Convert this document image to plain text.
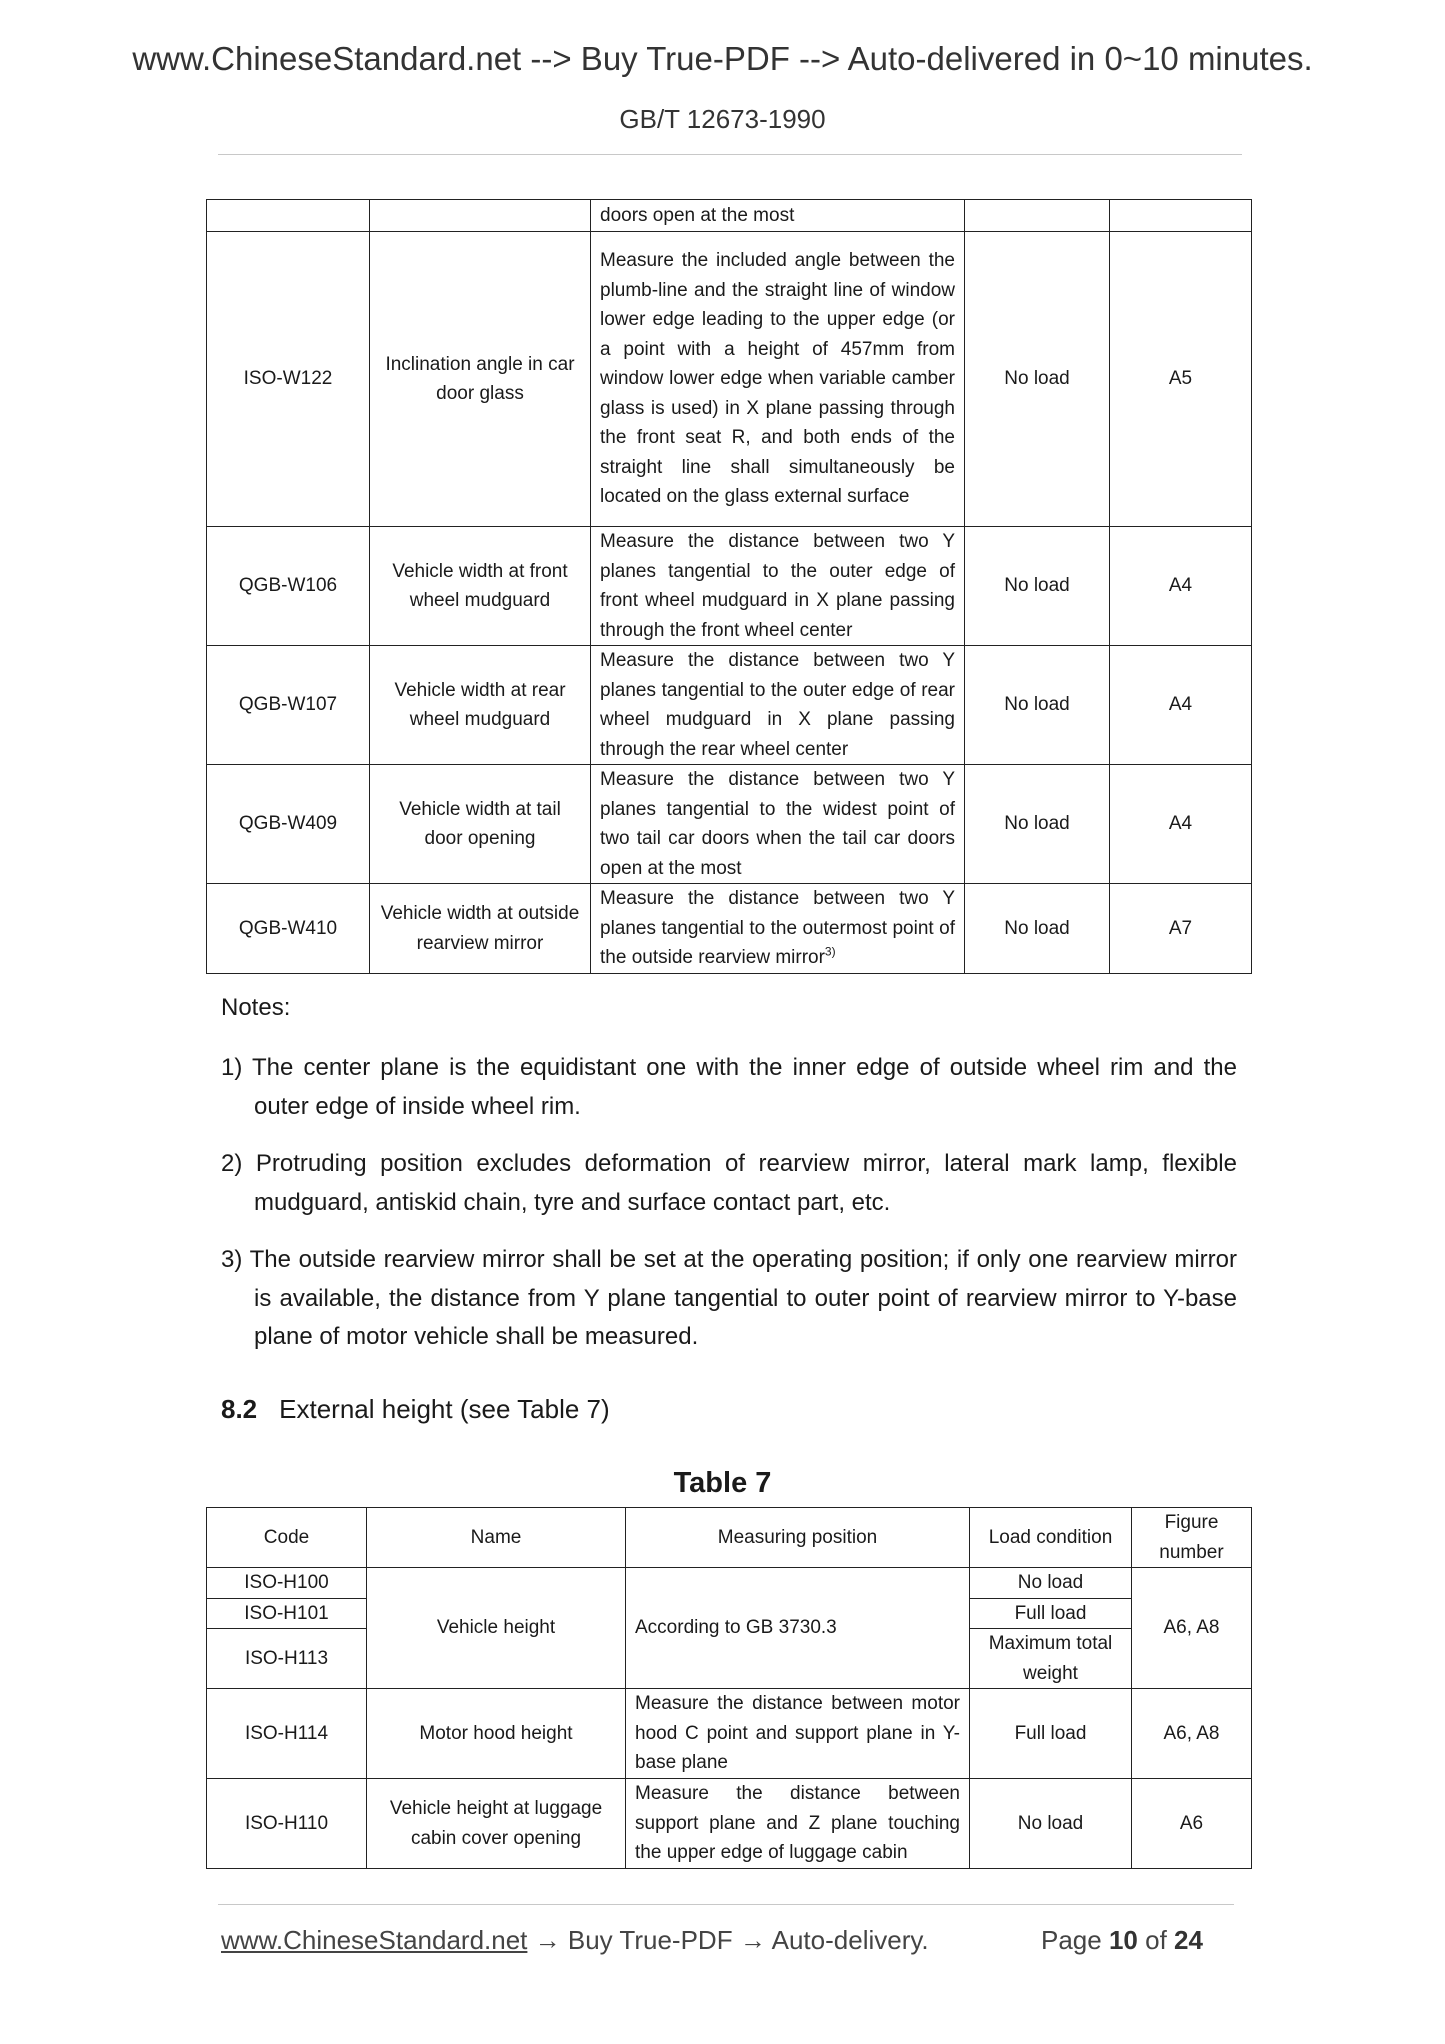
www.ChineseStandard.net --> Buy True-PDF --> Auto-delivered in 0~10 minutes.
GB/T 12673-1990
		doors open at the most		
ISO-W122	Inclination angle in car door glass	Measure the included angle between the plumb-line and the straight line of window lower edge leading to the upper edge (or a point with a height of 457mm from window lower edge when variable camber glass is used) in X plane passing through the front seat R, and both ends of the straight line shall simultaneously be located on the glass external surface	No load	A5
QGB-W106	Vehicle width at front wheel mudguard	Measure the distance between two Y planes tangential to the outer edge of front wheel mudguard in X plane passing through the front wheel center	No load	A4
QGB-W107	Vehicle width at rear wheel mudguard	Measure the distance between two Y planes tangential to the outer edge of rear wheel mudguard in X plane passing through the rear wheel center	No load	A4
QGB-W409	Vehicle width at tail door opening	Measure the distance between two Y planes tangential to the widest point of two tail car doors when the tail car doors open at the most	No load	A4
QGB-W410	Vehicle width at outside rearview mirror	Measure the distance between two Y planes tangential to the outermost point of the outside rearview mirror$^{3)}$	No load	A7
Notes:
1) The center plane is the equidistant one with the inner edge of outside wheel rim and the outer edge of inside wheel rim.
2) Protruding position excludes deformation of rearview mirror, lateral mark lamp, flexible mudguard, antiskid chain, tyre and surface contact part, etc.
3) The outside rearview mirror shall be set at the operating position; if only one rearview mirror is available, the distance from Y plane tangential to outer point of rearview mirror to Y-base plane of motor vehicle shall be measured.
8.2 External height (see Table 7)
Table 7
Code	Name	Measuring position	Load condition	Figure number
ISO-H100	Vehicle height	According to GB 3730.3	No load	A6, A8
ISO-H101			Full load	
ISO-H113			Maximum total weight	
ISO-H114	Motor hood height	Measure the distance between motor hood C point and support plane in Y-base plane	Full load	A6, A8
ISO-H110	Vehicle height at luggage cabin cover opening	Measure the distance between support plane and Z plane touching the upper edge of luggage cabin	No load	A6
www.ChineseStandard.net → Buy True-PDF → Auto-delivery.	Page 10 of 24
